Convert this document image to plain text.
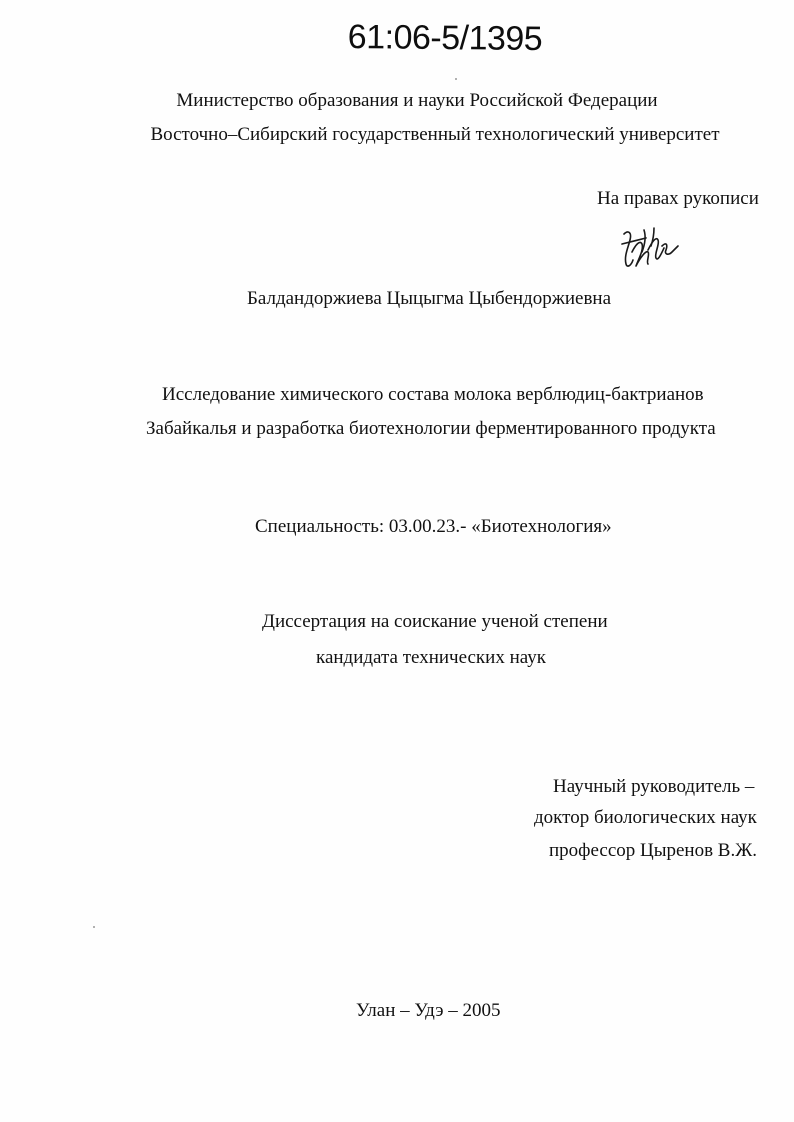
61:06-5/1395
Министерство образования и науки Российской Федерации
Восточно–Сибирский государственный технологический университет
На правах рукописи
Балдандоржиева Цыцыгма Цыбендоржиевна
Исследование химического состава молока верблюдиц-бактрианов
Забайкалья и разработка биотехнологии ферментированного продукта
Специальность: 03.00.23.- «Биотехнология»
Диссертация на соискание ученой степени
кандидата технических наук
Научный руководитель –
доктор биологических наук
профессор Цыренов В.Ж.
Улан – Удэ – 2005
